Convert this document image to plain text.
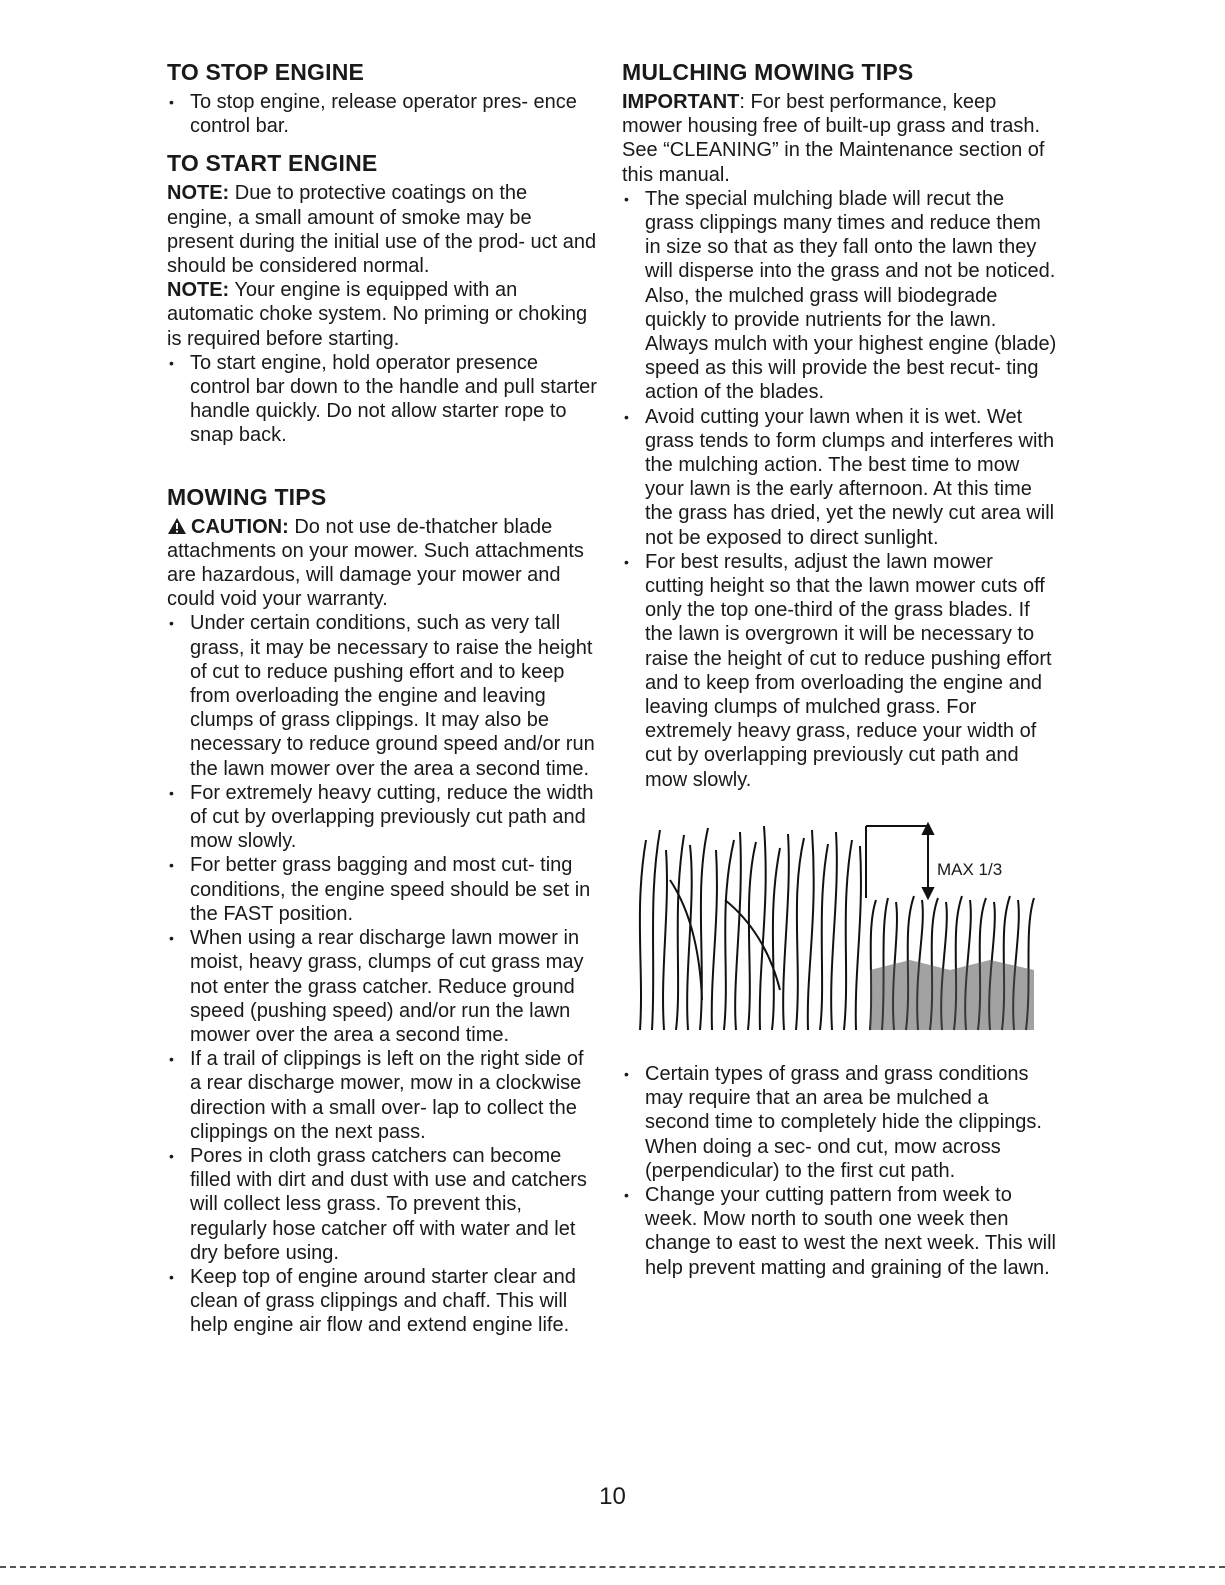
TO STOP ENGINE
• To stop engine, release operator pres- ence control bar.
TO START ENGINE

NOTE: Due to protective coatings on the engine, a small amount of smoke may be present during the initial use of the prod- uct and should be considered normal.

NOTE: Your engine is equipped with an automatic choke system. No priming or choking is required before starting.

• To start engine, hold operator presence control bar down to the handle and pull starter handle quickly. Do not allow starter rope to snap back.
MOWING TIPS

CAUTION: Do not use de-thatcher blade attachments on your mower. Such attachments are hazardous, will damage your mower and could void your warranty.

• Under certain conditions, such as very tall grass, it may be necessary to raise the height of cut to reduce pushing effort and to keep from overloading the engine and leaving clumps of grass clippings. It may also be necessary to reduce ground speed and/or run the lawn mower over the area a second time.
• For extremely heavy cutting, reduce the width of cut by overlapping previously cut path and mow slowly.
• For better grass bagging and most cut- ting conditions, the engine speed should be set in the FAST position.
• When using a rear discharge lawn mower in moist, heavy grass, clumps of cut grass may not enter the grass catcher. Reduce ground speed (pushing speed) and/or run the lawn mower over the area a second time.
• If a trail of clippings is left on the right side of a rear discharge mower, mow in a clockwise direction with a small over- lap to collect the clippings on the next pass.
• Pores in cloth grass catchers can become filled with dirt and dust with use and catchers will collect less grass. To prevent this, regularly hose catcher off with water and let dry before using.
• Keep top of engine around starter clear and clean of grass clippings and chaff. This will help engine air flow and extend engine life.
MULCHING MOWING TIPS

IMPORTANT: For best performance, keep mower housing free of built-up grass and trash. See “CLEANING” in the Maintenance section of this manual.

• The special mulching blade will recut the grass clippings many times and reduce them in size so that as they fall onto the lawn they will disperse into the grass and not be noticed. Also, the mulched grass will biodegrade quickly to provide nutrients for the lawn. Always mulch with your highest engine (blade) speed as this will provide the best recut- ting action of the blades.
• Avoid cutting your lawn when it is wet. Wet grass tends to form clumps and interferes with the mulching action. The best time to mow your lawn is the early afternoon. At this time the grass has dried, yet the newly cut area will not be exposed to direct sunlight.
• For best results, adjust the lawn mower cutting height so that the lawn mower cuts off only the top one-third of the grass blades. If the lawn is overgrown it will be necessary to raise the height of cut to reduce pushing effort and to keep from overloading the engine and leaving clumps of mulched grass. For extremely heavy grass, reduce your width of cut by overlapping previously cut path and mow slowly.
MAX 1/3
• Certain types of grass and grass conditions may require that an area be mulched a second time to completely hide the clippings. When doing a sec- ond cut, mow across (perpendicular) to the first cut path.
• Change your cutting pattern from week to week. Mow north to south one week then change to east to west the next week. This will help prevent matting and graining of the lawn.
10
